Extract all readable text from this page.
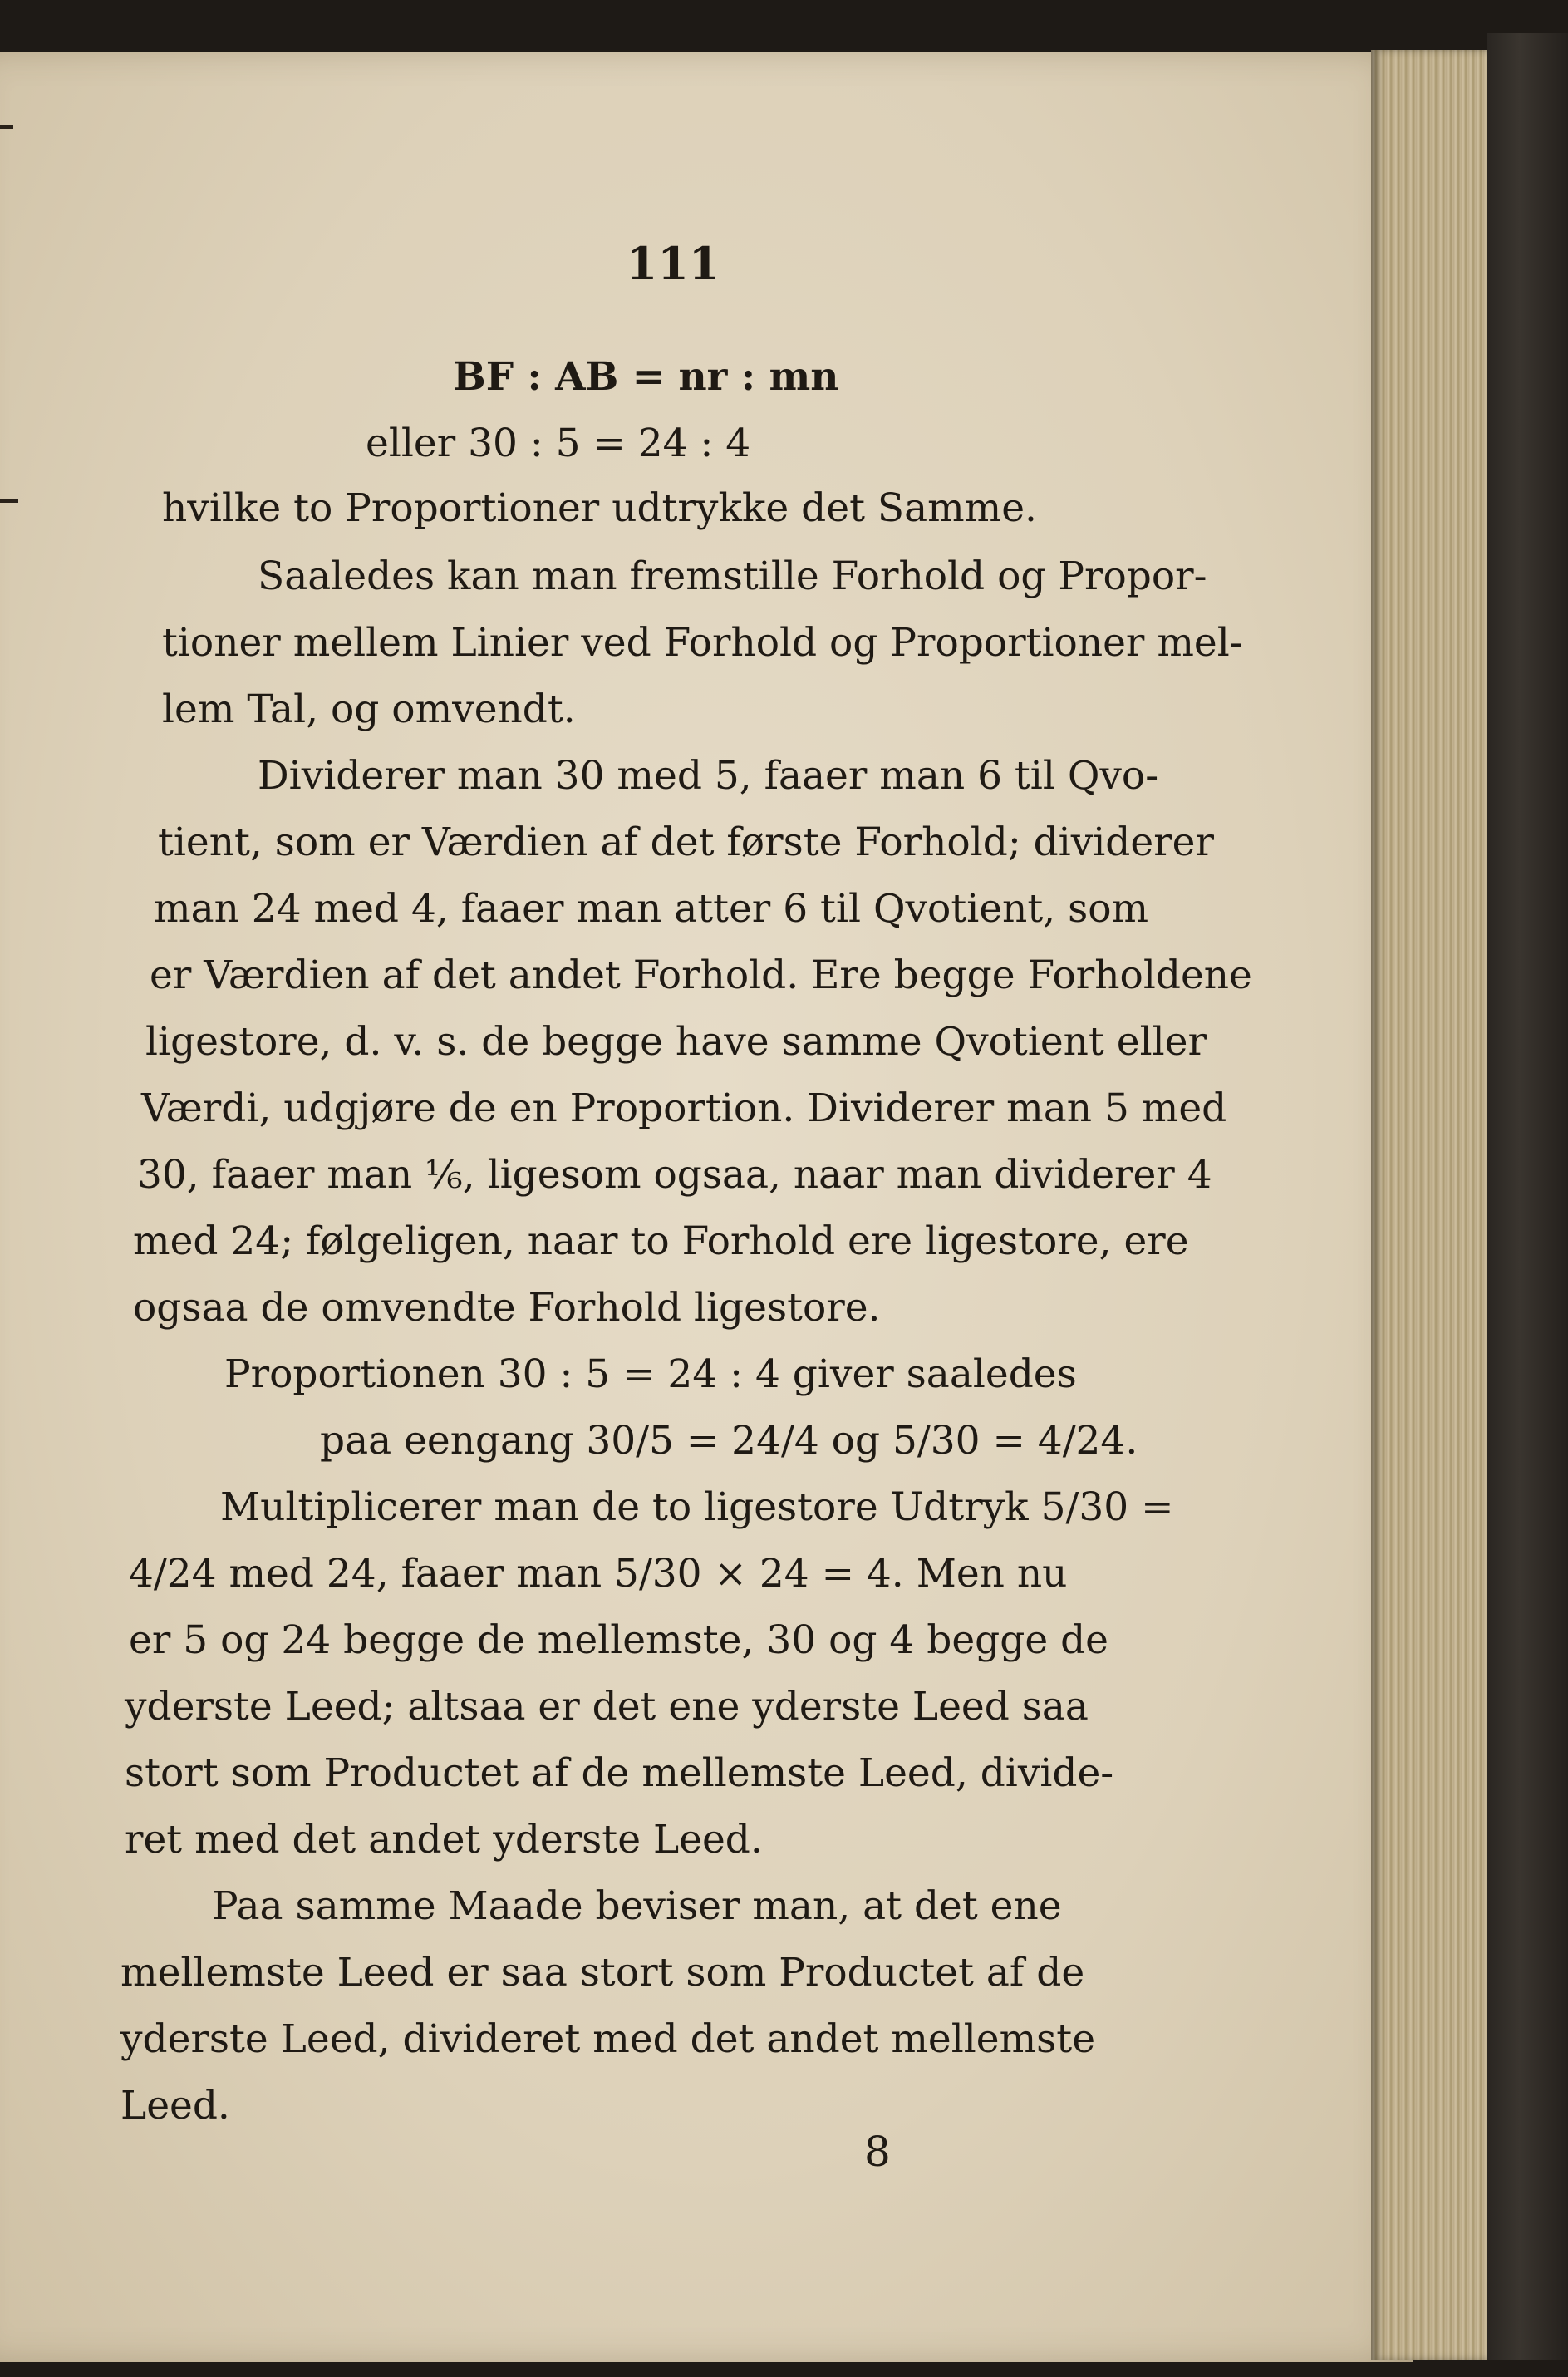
111

BF : AB = nr : mn

eller 30 : 5 = 24 : 4

hvilke to Proportioner udtrykke det Samme.

Saaledes kan man fremstille Forhold og Propor-

tioner mellem Linier ved Forhold og Proportioner mel-

lem Tal, og omvendt.

Dividerer man 30 med 5, faaer man 6 til Qvo-

tient, som er Værdien af det første Forhold; dividerer

man 24 med 4, faaer man atter 6 til Qvotient, som

er Værdien af det andet Forhold. Ere begge Forholdene

ligestore, d. v. s. de begge have samme Qvotient eller

Værdi, udgjøre de en Proportion. Dividerer man 5 med

30, faaer man ⅙, ligesom ogsaa, naar man dividerer 4

med 24; følgeligen, naar to Forhold ere ligestore, ere

ogsaa de omvendte Forhold ligestore.

Proportionen 30 : 5 = 24 : 4 giver saaledes

paa eengang 30/5 = 24/4 og 5/30 = 4/24.

Multiplicerer man de to ligestore Udtryk 5/30 =

4/24 med 24, faaer man 5/30 × 24 = 4. Men nu

er 5 og 24 begge de mellemste, 30 og 4 begge de

yderste Leed; altsaa er det ene yderste Leed saa

stort som Productet af de mellemste Leed, divide-

ret med det andet yderste Leed.

Paa samme Maade beviser man, at det ene

mellemste Leed er saa stort som Productet af de

yderste Leed, divideret med det andet mellemste

Leed.

8
